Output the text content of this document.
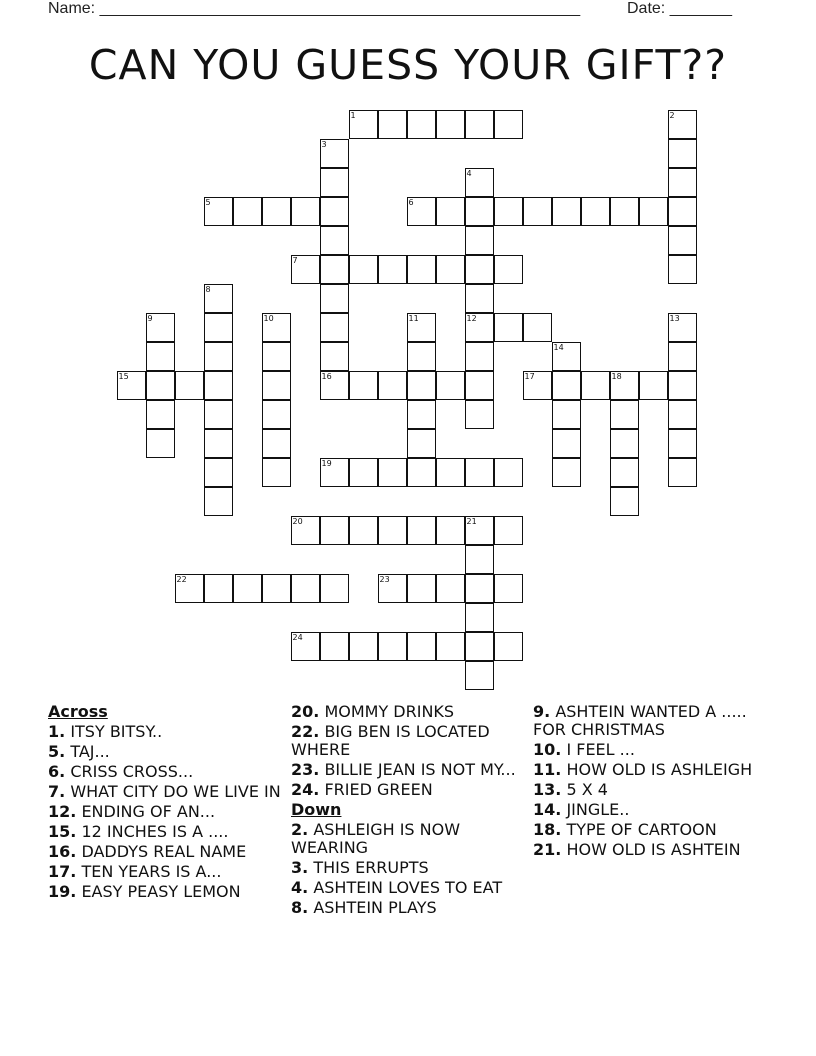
Name: ______________________________________________________	Date: _______
CAN YOU GUESS YOUR GIFT??
1
5	6
7
12
15	16	17	18
19
20	21
22	23
24
2
3
4
8
9	10	11	13
14
Across
1. ITSY BITSY..
5. TAJ...
6. CRISS CROSS...
7. WHAT CITY DO WE LIVE IN
12. ENDING OF AN...
15. 12 INCHES IS A ....
16. DADDYS REAL NAME
17. TEN YEARS IS A...
19. EASY PEASY LEMON
20. MOMMY DRINKS
22. BIG BEN IS LOCATED WHERE
23. BILLIE JEAN IS NOT MY...
24. FRIED GREEN
Down
2. ASHLEIGH IS NOW WEARING
3. THIS ERRUPTS
4. ASHTEIN LOVES TO EAT
8. ASHTEIN PLAYS
9. ASHTEIN WANTED A ..... FOR CHRISTMAS
10. I FEEL ...
11. HOW OLD IS ASHLEIGH
13. 5 X 4
14. JINGLE..
18. TYPE OF CARTOON
21. HOW OLD IS ASHTEIN
